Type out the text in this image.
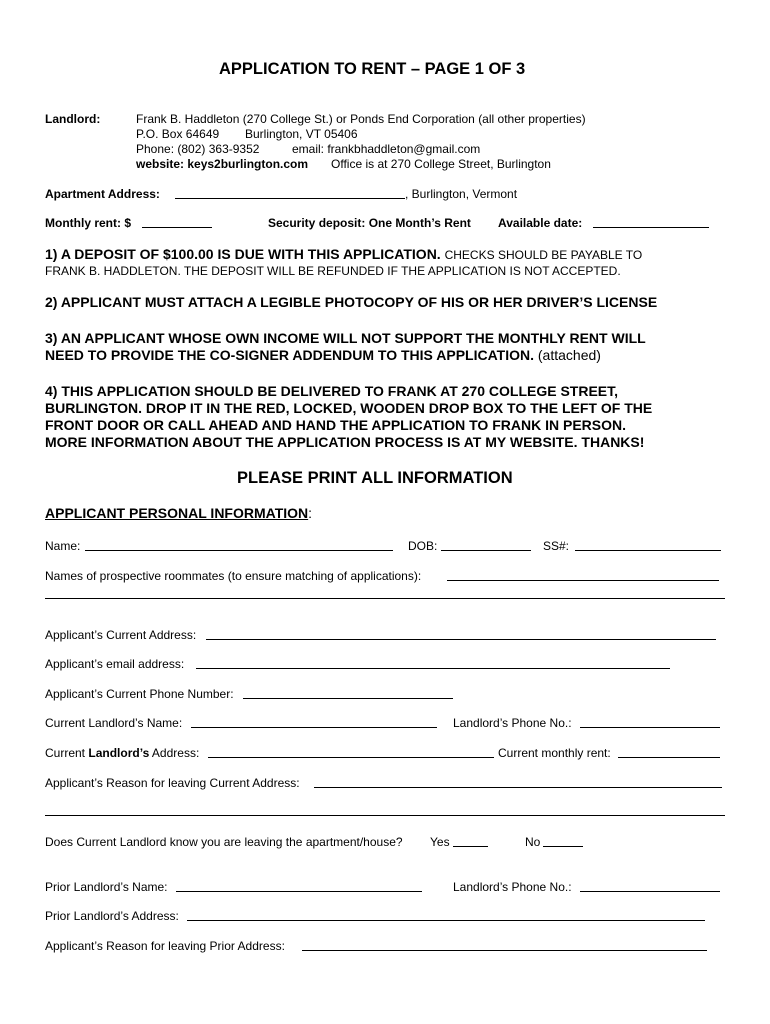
APPLICATION TO RENT – PAGE 1 OF 3
Landlord:	Frank B. Haddleton (270 College St.) or Ponds End Corporation (all other properties)
P.O. Box 64649 Burlington, VT 05406
Phone: (802) 363-9352	email: frankbhaddleton@gmail.com
website: keys2burlington.com Office is at 270 College Street, Burlington
Apartment Address:	, Burlington, Vermont
Monthly rent: $	Security deposit: One Month’s Rent Available date:
1) A DEPOSIT OF $100.00 IS DUE WITH THIS APPLICATION. CHECKS SHOULD BE PAYABLE TO
FRANK B. HADDLETON. THE DEPOSIT WILL BE REFUNDED IF THE APPLICATION IS NOT ACCEPTED.
2) APPLICANT MUST ATTACH A LEGIBLE PHOTOCOPY OF HIS OR HER DRIVER’S LICENSE
3) AN APPLICANT WHOSE OWN INCOME WILL NOT SUPPORT THE MONTHLY RENT WILL
NEED TO PROVIDE THE CO-SIGNER ADDENDUM TO THIS APPLICATION. (attached)
4) THIS APPLICATION SHOULD BE DELIVERED TO FRANK AT 270 COLLEGE STREET,
BURLINGTON. DROP IT IN THE RED, LOCKED, WOODEN DROP BOX TO THE LEFT OF THE
FRONT DOOR OR CALL AHEAD AND HAND THE APPLICATION TO FRANK IN PERSON.
MORE INFORMATION ABOUT THE APPLICATION PROCESS IS AT MY WEBSITE. THANKS!
PLEASE PRINT ALL INFORMATION
APPLICANT PERSONAL INFORMATION:
Name:	DOB:	SS#:
Names of prospective roommates (to ensure matching of applications):
Applicant’s Current Address:
Applicant’s email address:
Applicant’s Current Phone Number:
Current Landlord’s Name:	Landlord’s Phone No.:
Current Landlord’s Address:	Current monthly rent:
Applicant’s Reason for leaving Current Address:
Does Current Landlord know you are leaving the apartment/house? Yes	No
Prior Landlord’s Name:	Landlord’s Phone No.:
Prior Landlord’s Address:
Applicant’s Reason for leaving Prior Address:
